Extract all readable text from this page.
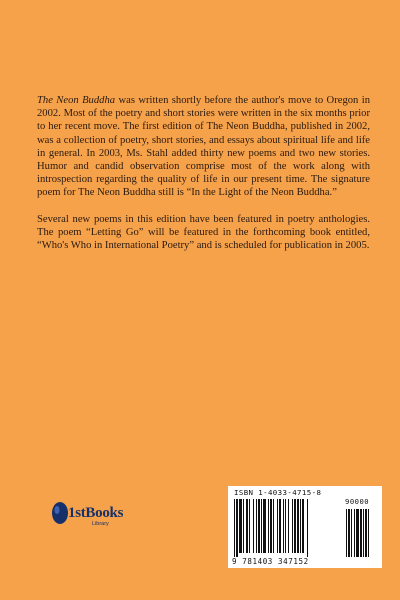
The Neon Buddha was written shortly before the author's move to Oregon in 2002. Most of the poetry and short stories were written in the six months prior to her recent move. The first edition of The Neon Buddha, published in 2002, was a collection of poetry, short stories, and essays about spiritual life and life in general. In 2003, Ms. Stahl added thirty new poems and two new stories. Humor and candid observation comprise most of the work along with introspection regarding the quality of life in our present time. The signature poem for The Neon Buddha still is “In the Light of the Neon Buddha.”

Several new poems in this edition have been featured in poetry anthologies. The poem “Letting Go” will be featured in the forthcoming book entitled, “Who's Who in International Poetry” and is scheduled for publication in 2005.

1stBooks
Library
ISBN 1-4033-4715-8
90000
9 781403 347152
